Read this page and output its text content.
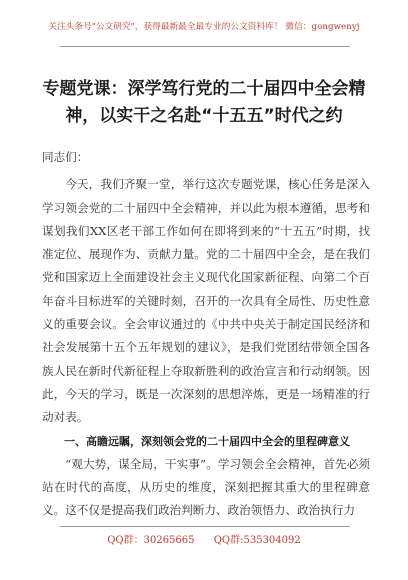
关注头条号"公文研究"，获得最新最全最专业的公文资料库！ 微信：gongwenyj
专题党课：深学笃行党的二十届四中全会精神，以实干之名赴“十五五”时代之约

同志们：

今天，我们齐聚一堂，举行这次专题党课，核心任务是深入学习领会党的二十届四中全会精神，并以此为根本遵循，思考和谋划我们XX区老干部工作如何在即将到来的“十五五”时期，找准定位、展现作为、贡献力量。党的二十届四中全会，是在我们党和国家迈上全面建设社会主义现代化国家新征程、向第二个百年奋斗目标进军的关键时刻，召开的一次具有全局性、历史性意义的重要会议。全会审议通过的《中共中央关于制定国民经济和社会发展第十五个五年规划的建议》，是我们党团结带领全国各族人民在新时代新征程上夺取新胜利的政治宣言和行动纲领。因此，今天的学习，既是一次深刻的思想淬炼，更是一场精准的行动对表。

一、高瞻远瞩，深刻领会党的二十届四中全会的里程碑意义

“观大势，谋全局，干实事”。学习领会全会精神，首先必须站在时代的高度，从历史的维度，深刻把握其重大的里程碑意义。这不仅是提高我们政治判断力、政治领悟力、政治执行力

QQ群：30265665 QQ群:535304092
